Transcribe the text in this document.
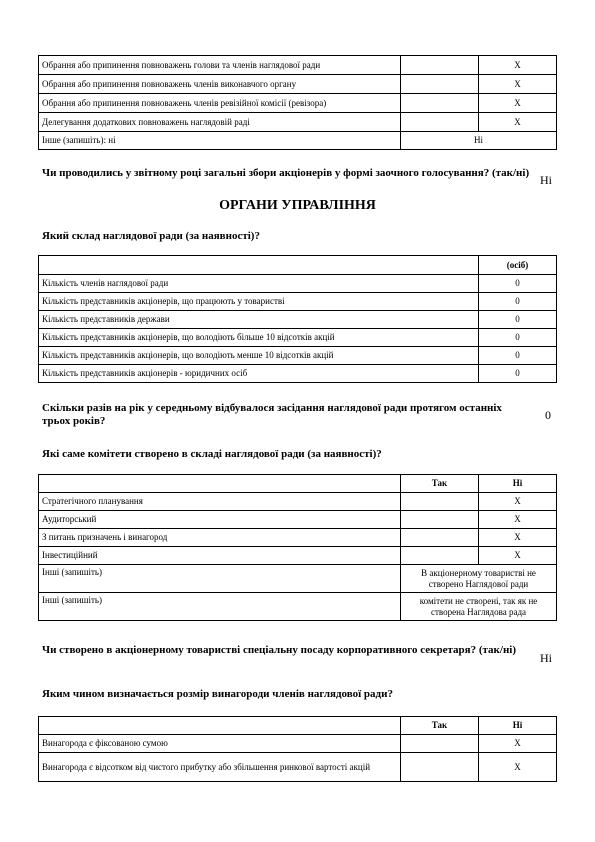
Обрання або припинення повноважень голови та членів наглядової ради		X
Обрання або припинення повноважень членів виконавчого органу		X
Обрання або припинення повноважень членів ревізійної комісії (ревізора)		X
Делегування додаткових повноважень наглядовій раді		X
Інше (запишіть): ні	Ні	
Чи проводились у звітному році загальні збори акціонерів у формі заочного голосування? (так/ні) Ні
ОРГАНИ УПРАВЛІННЯ
Який склад наглядової ради (за наявності)?
	(осіб)
Кількість членів наглядової ради	0
Кількість представників акціонерів, що працюють у товаристві	0
Кількість представників держави	0
Кількість представників акціонерів, що володіють більше 10 відсотків акцій	0
Кількість представників акціонерів, що володіють менше 10 відсотків акцій	0
Кількість представників акціонерів - юридичних осіб	0
Скільки разів на рік у середньому відбувалося засідання наглядової ради протягом останніх трьох років?	0
Які саме комітети створено в складі наглядової ради (за наявності)?
	Так	Ні
Стратегічного планування		X
Аудиторський		X
З питань призначень і винагород		X
Інвестиційний		X
Інші (запишіть)	В акціонерному товаристві не створено Наглядової ради	
Інші (запишіть)	комітети не створені, так як не створена Наглядова рада	
Чи створено в акціонерному товаристві спеціальну посаду корпоративного секретаря? (так/ні)
Ні
Яким чином визначається розмір винагороди членів наглядової ради?
	Так	Ні
Винагорода є фіксованою сумою		X
Винагорода є відсотком від чистого прибутку або збільшення ринкової вартості акцій		X
